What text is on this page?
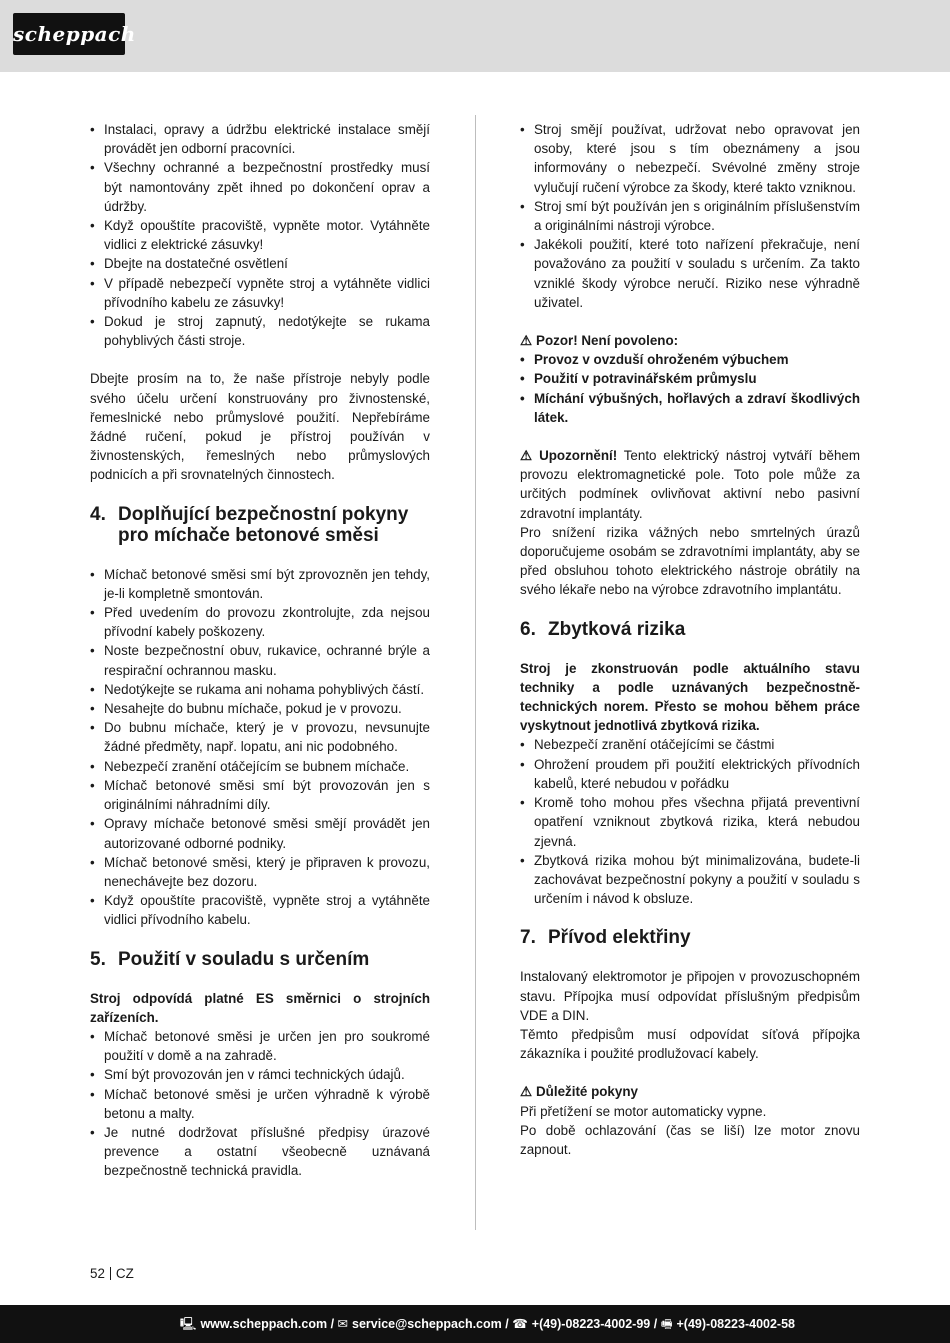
scheppach
• Instalaci, opravy a údržbu elektrické instalace smějí provádět jen odborní pracovníci.
• Všechny ochranné a bezpečnostní prostředky musí být namontovány zpět ihned po dokončení oprav a údržby.
• Když opouštíte pracoviště, vypněte motor. Vytáhněte vidlici z elektrické zásuvky!
• Dbejte na dostatečné osvětlení
• V případě nebezpečí vypněte stroj a vytáhněte vidlici přívodního kabelu ze zásuvky!
• Dokud je stroj zapnutý, nedotýkejte se rukama pohyblivých části stroje.

Dbejte prosím na to, že naše přístroje nebyly podle svého účelu určení konstruovány pro živnostenské, řemeslnické nebo průmyslové použití. Nepřebíráme žádné ručení, pokud je přístroj používán v živnostenských, řemeslných nebo průmyslových podnicích a při srovnatelných činnostech.

4. Doplňující bezpečnostní pokyny pro míchače betonové směsi
• Míchač betonové směsi smí být zprovozněn jen tehdy, je-li kompletně smontován.
• Před uvedením do provozu zkontrolujte, zda nejsou přívodní kabely poškozeny.
• Noste bezpečnostní obuv, rukavice, ochranné brýle a respirační ochrannou masku.
• Nedotýkejte se rukama ani nohama pohyblivých částí.
• Nesahejte do bubnu míchače, pokud je v provozu.
• Do bubnu míchače, který je v provozu, nevsunujte žádné předměty, např. lopatu, ani nic podobného.
• Nebezpečí zranění otáčejícím se bubnem míchače.
• Míchač betonové směsi smí být provozován jen s originálními náhradními díly.
• Opravy míchače betonové směsi smějí provádět jen autorizované odborné podniky.
• Míchač betonové směsi, který je připraven k provozu, nenechávejte bez dozoru.
• Když opouštíte pracoviště, vypněte stroj a vytáhněte vidlici přívodního kabelu.
5. Použití v souladu s určením

Stroj odpovídá platné ES směrnici o strojních zařízeních.

• Míchač betonové směsi je určen jen pro soukromé použití v domě a na zahradě.
• Smí být provozován jen v rámci technických údajů.
• Míchač betonové směsi je určen výhradně k výrobě betonu a malty.
• Je nutné dodržovat příslušné předpisy úrazové prevence a ostatní všeobecně uznávaná bezpečnostně technická pravidla.
• Stroj smějí používat, udržovat nebo opravovat jen osoby, které jsou s tím obeznámeny a jsou informovány o nebezpečí. Svévolné změny stroje vylučují ručení výrobce za škody, které takto vzniknou.
• Stroj smí být používán jen s originálním příslušenstvím a originálními nástroji výrobce.
• Jakékoli použití, které toto nařízení překračuje, není považováno za použití v souladu s určením. Za takto vzniklé škody výrobce neručí. Riziko nese výhradně uživatel.

⚠ Pozor! Není povoleno:

• Provoz v ovzduší ohroženém výbuchem
• Použití v potravinářském průmyslu
• Míchání výbušných, hořlavých a zdraví škodlivých látek.

⚠ Upozornění! Tento elektrický nástroj vytváří během provozu elektromagnetické pole. Toto pole může za určitých podmínek ovlivňovat aktivní nebo pasivní zdravotní implantáty.

Pro snížení rizika vážných nebo smrtelných úrazů doporučujeme osobám se zdravotními implantáty, aby se před obsluhou tohoto elektrického nástroje obrátily na svého lékaře nebo na výrobce zdravotního implantátu.

6. Zbytková rizika

Stroj je zkonstruován podle aktuálního stavu techniky a podle uznávaných bezpečnostně-technických norem. Přesto se mohou během práce vyskytnout jednotlivá zbytková rizika.

• Nebezpečí zranění otáčejícími se částmi
• Ohrožení proudem při použití elektrických přívodních kabelů, které nebudou v pořádku
• Kromě toho mohou přes všechna přijatá preventivní opatření vzniknout zbytková rizika, která nebudou zjevná.
• Zbytková rizika mohou být minimalizována, budete-li zachovávat bezpečnostní pokyny a použití v souladu s určením i návod k obsluze.
7. Přívod elektřiny

Instalovaný elektromotor je připojen v provozuschopném stavu. Přípojka musí odpovídat příslušným předpisům VDE a DIN.

Těmto předpisům musí odpovídat síťová přípojka zákazníka i použité prodlužovací kabely.

⚠ Důležité pokyny

Při přetížení se motor automaticky vypne.

Po době ochlazování (čas se liší) lze motor znovu zapnout.

52 CZ
🖳 www.scheppach.com / ✉ service@scheppach.com / ☎ +(49)-08223-4002-99 / 🖷 +(49)-08223-4002-58
